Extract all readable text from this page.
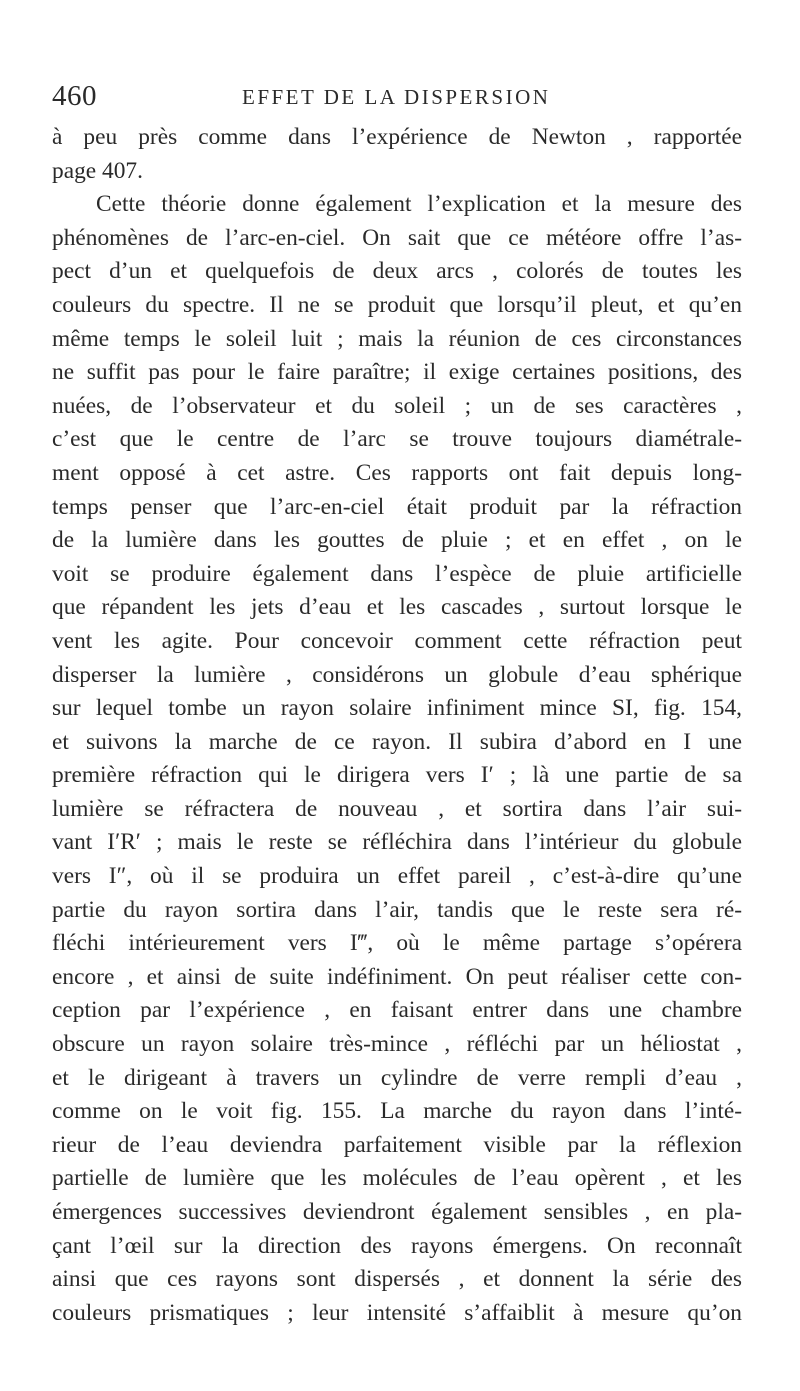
460	EFFET DE LA DISPERSION
à peu près comme dans l’expérience de Newton , rapportée
page 407.
Cette théorie donne également l’explication et la mesure des
phénomènes de l’arc-en-ciel. On sait que ce météore offre l’as-
pect d’un et quelquefois de deux arcs , colorés de toutes les
couleurs du spectre. Il ne se produit que lorsqu’il pleut, et qu’en
même temps le soleil luit ; mais la réunion de ces circonstances
ne suffit pas pour le faire paraître; il exige certaines positions, des
nuées, de l’observateur et du soleil ; un de ses caractères ,
c’est que le centre de l’arc se trouve toujours diamétrale-
ment opposé à cet astre. Ces rapports ont fait depuis long-
temps penser que l’arc-en-ciel était produit par la réfraction
de la lumière dans les gouttes de pluie ; et en effet , on le
voit se produire également dans l’espèce de pluie artificielle
que répandent les jets d’eau et les cascades , surtout lorsque le
vent les agite. Pour concevoir comment cette réfraction peut
disperser la lumière , considérons un globule d’eau sphérique
sur lequel tombe un rayon solaire infiniment mince SI, fig. 154,
et suivons la marche de ce rayon. Il subira d’abord en I une
première réfraction qui le dirigera vers I′ ; là une partie de sa
lumière se réfractera de nouveau , et sortira dans l’air sui-
vant I′R′ ; mais le reste se réfléchira dans l’intérieur du globule
vers I″, où il se produira un effet pareil , c’est-à-dire qu’une
partie du rayon sortira dans l’air, tandis que le reste sera ré-
fléchi intérieurement vers I‴, où le même partage s’opérera
encore , et ainsi de suite indéfiniment. On peut réaliser cette con-
ception par l’expérience , en faisant entrer dans une chambre
obscure un rayon solaire très-mince , réfléchi par un héliostat ,
et le dirigeant à travers un cylindre de verre rempli d’eau ,
comme on le voit fig. 155. La marche du rayon dans l’inté-
rieur de l’eau deviendra parfaitement visible par la réflexion
partielle de lumière que les molécules de l’eau opèrent , et les
émergences successives deviendront également sensibles , en pla-
çant l’œil sur la direction des rayons émergens. On reconnaît
ainsi que ces rayons sont dispersés , et donnent la série des
couleurs prismatiques ; leur intensité s’affaiblit à mesure qu’on
